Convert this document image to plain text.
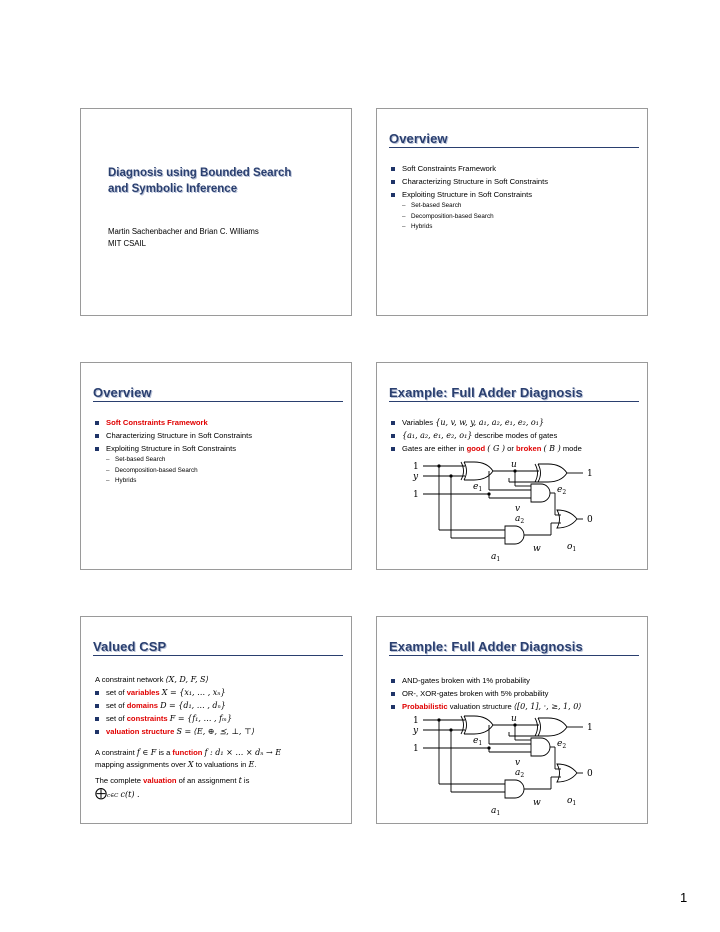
Diagnosis using Bounded Search
and Symbolic Inference
Martin Sachenbacher and Brian C. Williams
MIT CSAIL
Overview
Soft Constraints Framework
Characterizing Structure in Soft Constraints
Exploiting Structure in Soft Constraints
– Set-based Search
– Decomposition-based Search
– Hybrids
Overview
Soft Constraints Framework
Characterizing Structure in Soft Constraints
Exploiting Structure in Soft Constraints
– Set-based Search
– Decomposition-based Search
– Hybrids
Example: Full Adder Diagnosis
Variables {u, v, w, y, a₁, a₂, e₁, e₂, o₁}
{a₁, a₂, e₁, e₂, o₁} describe modes of gates
Gates are either in good ( G ) or broken ( B ) mode
1
y
1
u
v
w
1
0
$e_1$	$e_2$
$a_2$
$o_1$
$a_1$
Valued CSP
A constraint network ⟨X, D, F, S⟩
set of variables X = {x₁, … , xₙ}
set of domains D = {d₁, … , dₙ}
set of constraints F = {f₁, … , fₘ}
valuation structure S = ⟨E, ⊕, ⪯, ⊥, ⊤⟩
A constraint f ∈ F is a function f : d₁ × … × dₙ → E
mapping assignments over X to valuations in E.
The complete valuation of an assignment t is
⨁c∈C c(t) .
Example: Full Adder Diagnosis
AND-gates broken with 1% probability
OR-, XOR-gates broken with 5% probability
Probabilistic valuation structure ⟨[0, 1], ·, ≥, 1, 0⟩
1
y
1
u
v
w
1
0
$e_1$	$e_2$
$a_2$
$o_1$
$a_1$
1
